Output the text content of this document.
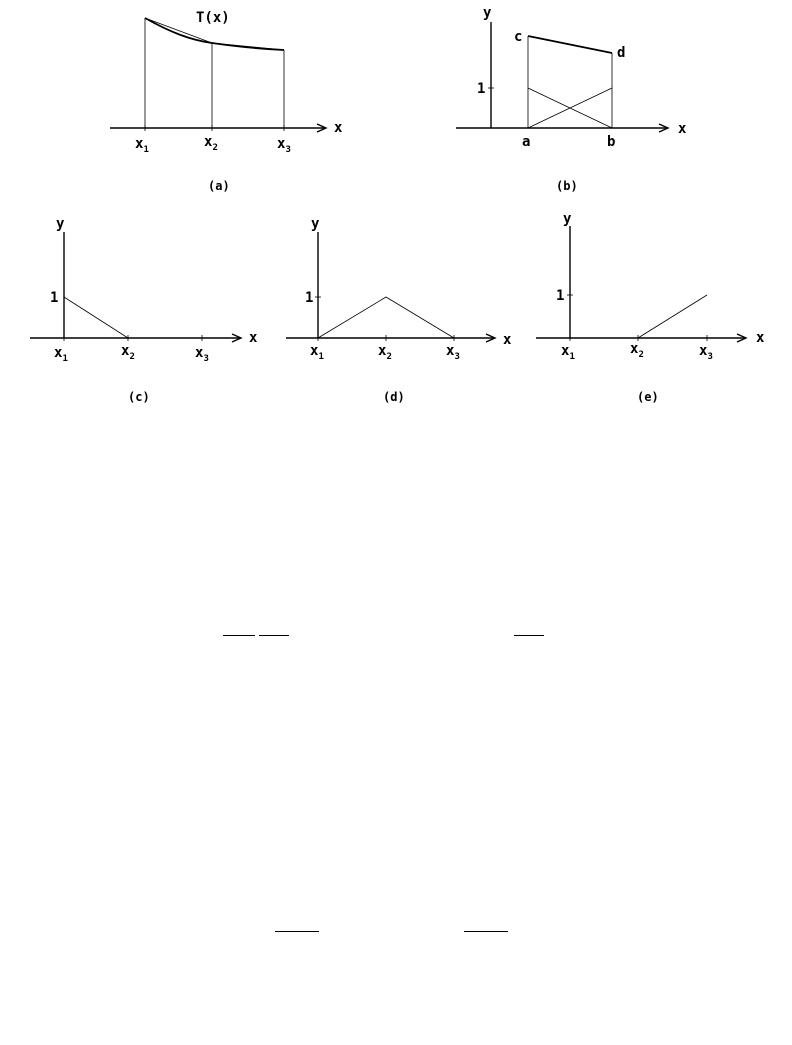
x
T(x)
$x_1$	$x_2$	$x_3$
(a)
x
y
1
c
d
a	b
(b)
x
y
1
$x_1$	$x_2$	$x_3$
(c)
x
y
1
$x_1$	$x_2$	$x_3$
(d)
x
y
1
$x_1$	$x_2$	$x_3$
(e)
